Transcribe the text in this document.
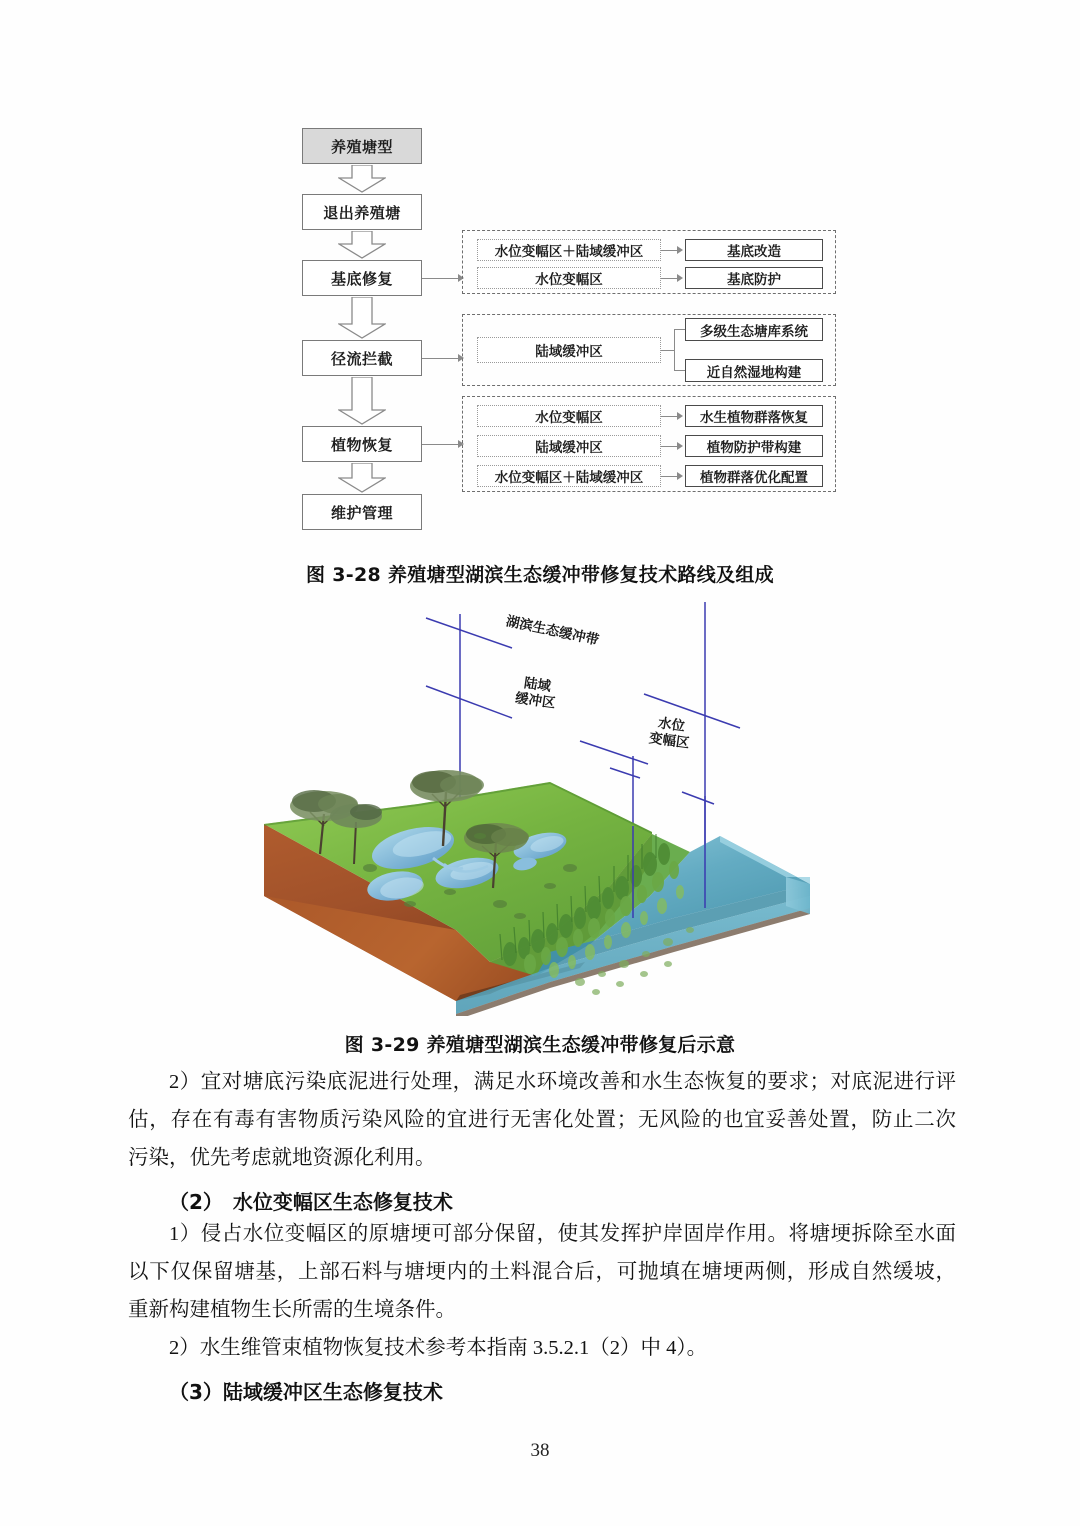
养殖塘型
退出养殖塘
基底修复
径流拦截
植物恢复
维护管理
水位变幅区＋陆域缓冲区	基底改造
水位变幅区	基底防护
陆域缓冲区
多级生态塘库系统
近自然湿地构建
水位变幅区	水生植物群落恢复
陆域缓冲区	植物防护带构建
水位变幅区＋陆域缓冲区	植物群落优化配置
图 3-28 养殖塘型湖滨生态缓冲带修复技术路线及组成
湖滨生态缓冲带
陆域
缓冲区
水位
变幅区
图 3-29 养殖塘型湖滨生态缓冲带修复后示意
2）宜对塘底污染底泥进行处理，满足水环境改善和水生态恢复的要求；对底泥进行评
估，存在有毒有害物质污染风险的宜进行无害化处置；无风险的也宜妥善处置，防止二次
污染，优先考虑就地资源化利用。
（2）　水位变幅区生态修复技术
1）侵占水位变幅区的原塘埂可部分保留，使其发挥护岸固岸作用。将塘埂拆除至水面
以下仅保留塘基，上部石料与塘埂内的土料混合后，可抛填在塘埂两侧，形成自然缓坡，
重新构建植物生长所需的生境条件。
2）水生维管束植物恢复技术参考本指南 3.5.2.1（2）中 4）。
（3）陆域缓冲区生态修复技术
38
